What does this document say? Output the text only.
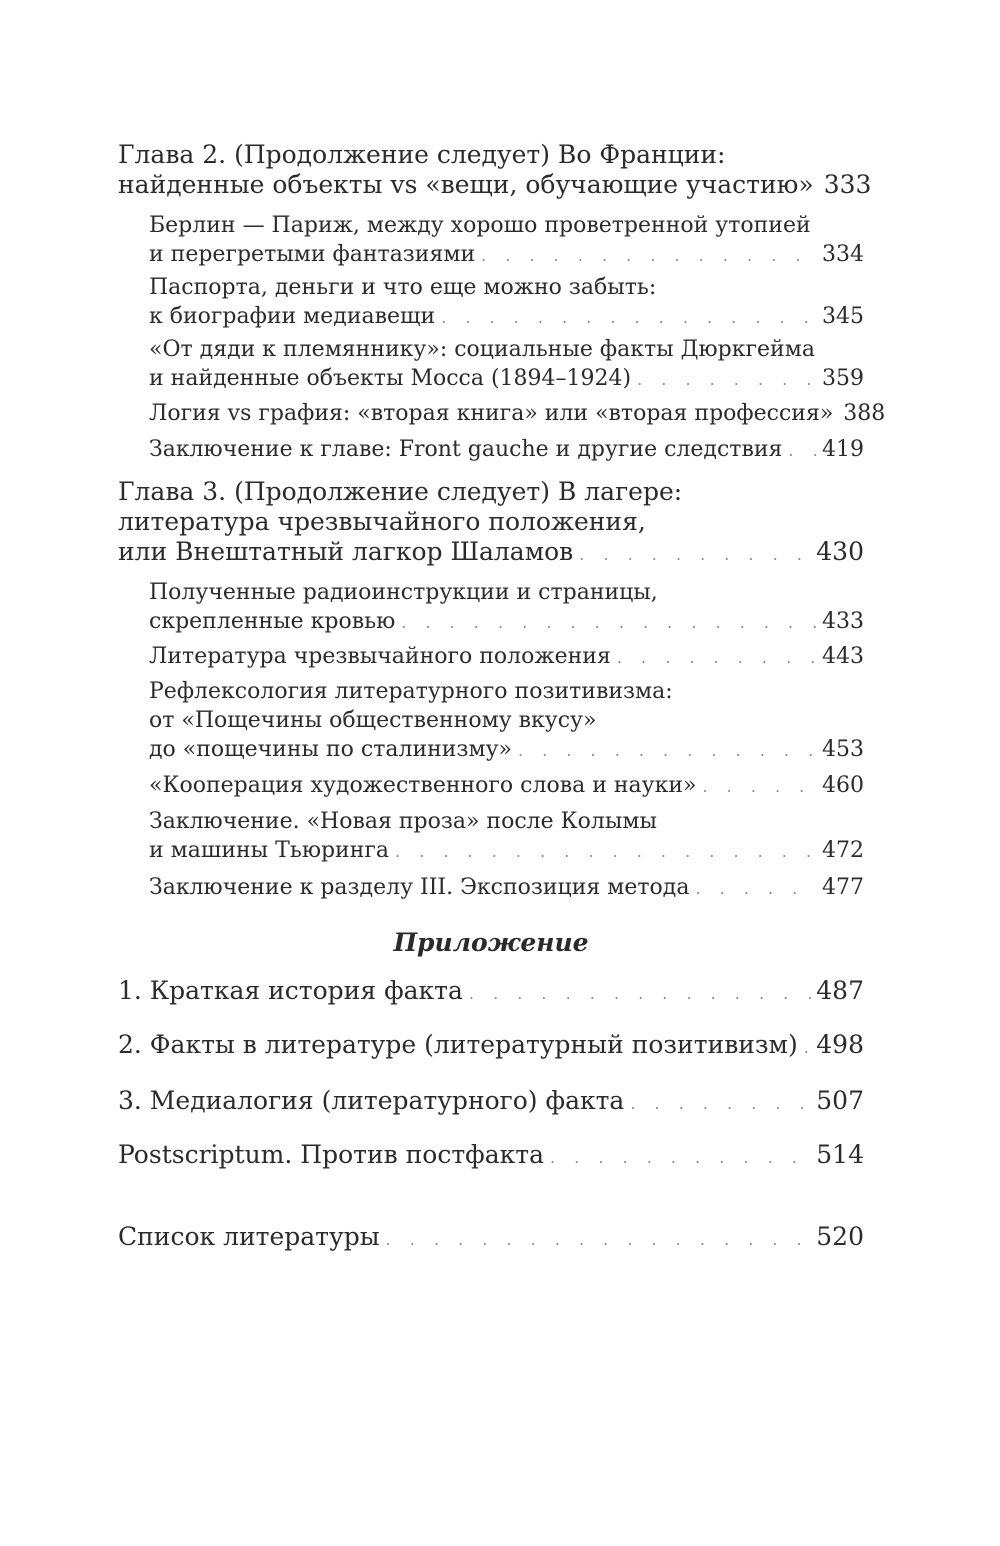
Глава 2. (Продолжение следует) Во Франции:
найденные объекты vs «вещи, обучающие участию» 333
Берлин — Париж, между хорошо проветренной утопией
и перегретыми фантазиями . . .	334
Паспорта, деньги и что еще можно забыть:
к биографии медиавещи . . .	345
«От дяди к племяннику»: социальные факты Дюркгейма
и найденные объекты Мосса (1894–1924) . . .	359
Логия vs графия: «вторая книга» или «вторая профессия» 388
Заключение к главе: Front gauche и другие следствия . . . 419
Глава 3. (Продолжение следует) В лагере:
литература чрезвычайного положения,
или Внештатный лагкор Шаламов . . .	430
Полученные радиоинструкции и страницы,
скрепленные кровью . . .	433
Литература чрезвычайного положения . . .	443
Рефлексология литературного позитивизма:
от «Пощечины общественному вкусу»
до «пощечины по сталинизму» . . .	453
«Кооперация художественного слова и науки» . . .	460
Заключение. «Новая проза» после Колымы
и машины Тьюринга . . .	472
Заключение к разделу III. Экспозиция метода . . .	477
Приложение
1. Краткая история факта . . .	487
2. Факты в литературе (литературный позитивизм) . . . 498
3. Медиалогия (литературного) факта . . .	507
Postscriptum. Против постфакта . . .	514
Список литературы . . .	520
